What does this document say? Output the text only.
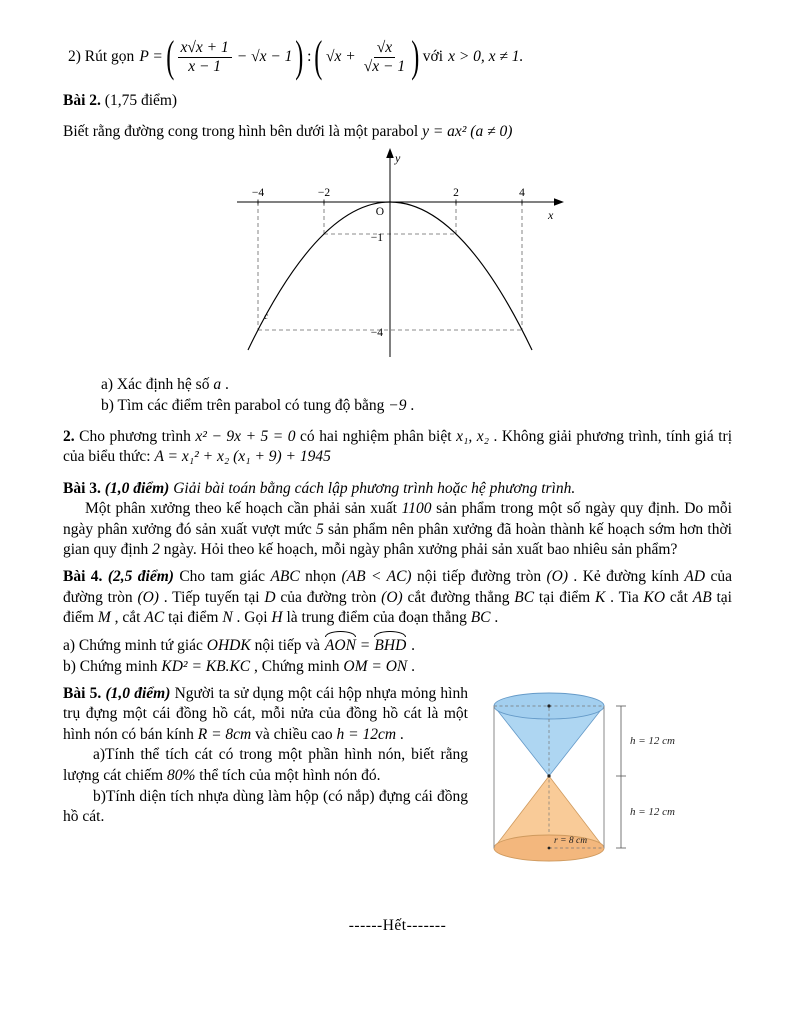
2) Rút gọn P = ( $\frac{x√x + 1}{x - 1} - √x - 1$ ) : ( $√x + \frac{√x}{√x - 1}$ ) với x > 0, x ≠ 1.

Bài 2. (1,75 điểm)

Biết rằng đường cong trong hình bên dưới là một parabol y = ax² (a ≠ 0)

y
x
O
−4	−2	2	4
−1
−4
c

a) Xác định hệ số a .

b) Tìm các điểm trên parabol có tung độ bằng −9 .

2. Cho phương trình x² − 9x + 5 = 0 có hai nghiệm phân biệt x₁, x₂ . Không giải phương trình, tính giá trị của biểu thức: A = x₁² + x₂ (x₁ + 9) + 1945

Bài 3. (1,0 điểm) Giải bài toán bằng cách lập phương trình hoặc hệ phương trình.

Một phân xưởng theo kế hoạch cần phải sản xuất 1100 sản phẩm trong một số ngày quy định. Do mỗi ngày phân xưởng đó sản xuất vượt mức 5 sản phẩm nên phân xưởng đã hoàn thành kế hoạch sớm hơn thời gian quy định 2 ngày. Hỏi theo kế hoạch, mỗi ngày phân xưởng phải sản xuất bao nhiêu sản phẩm?

Bài 4. (2,5 điểm) Cho tam giác ABC nhọn (AB < AC) nội tiếp đường tròn (O) . Kẻ đường kính AD của đường tròn (O) . Tiếp tuyến tại D của đường tròn (O) cắt đường thẳng BC tại điểm K . Tia KO cắt AB tại điểm M , cắt AC tại điểm N . Gọi H là trung điểm của đoạn thẳng BC .

a) Chứng minh tứ giác OHDK nội tiếp và AON = BHD .

b) Chứng minh KD² = KB.KC , Chứng minh OM = ON .

h = 12 cm
h = 12 cm
r = 8 cm

Bài 5. (1,0 điểm) Người ta sử dụng một cái hộp nhựa mỏng hình trụ đựng một cái đồng hồ cát, mỗi nửa của đồng hồ cát là một hình nón có bán kính R = 8cm và chiều cao h = 12cm .

a)Tính thể tích cát có trong một phần hình nón, biết rằng lượng cát chiếm 80% thể tích của một hình nón đó.

b)Tính diện tích nhựa dùng làm hộp (có nắp) đựng cái đồng hồ cát.

------Hết-------
